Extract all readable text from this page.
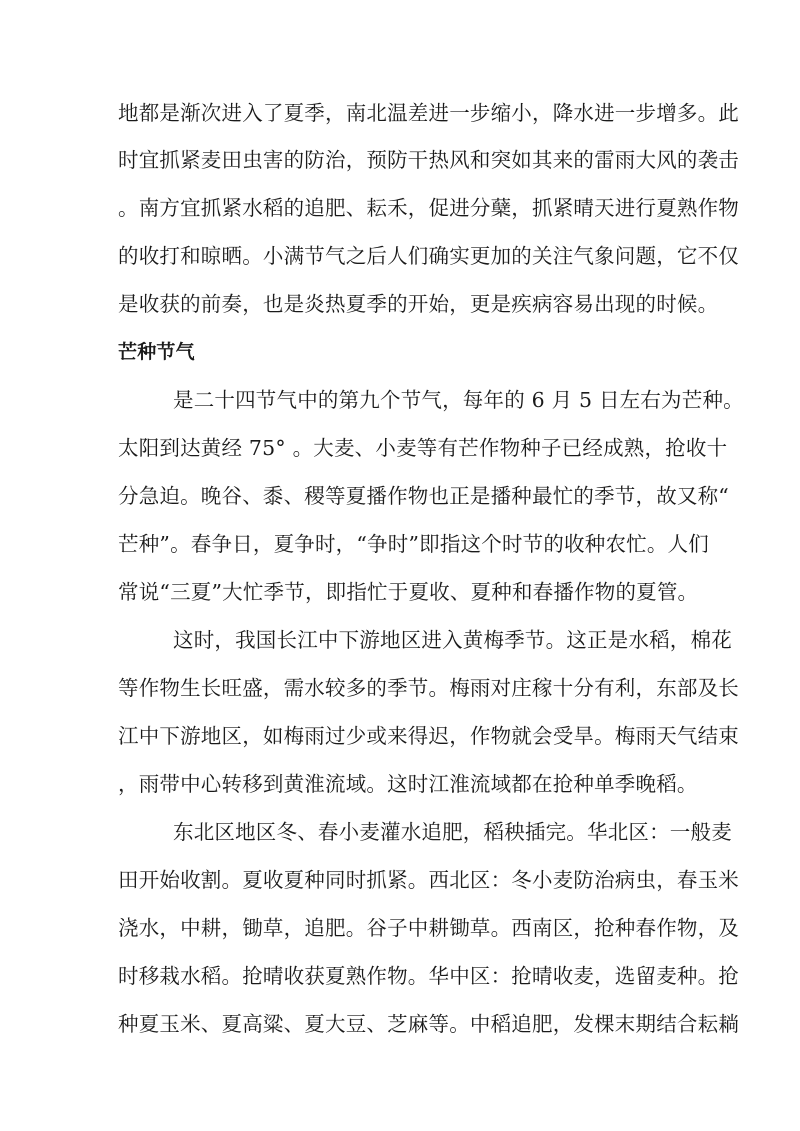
地都是渐次进入了夏季，南北温差进一步缩小，降水进一步增多。此
时宜抓紧麦田虫害的防治，预防干热风和突如其来的雷雨大风的袭击
。南方宜抓紧水稻的追肥、耘禾，促进分蘖，抓紧晴天进行夏熟作物
的收打和晾晒。小满节气之后人们确实更加的关注气象问题，它不仅
是收获的前奏，也是炎热夏季的开始，更是疾病容易出现的时候。
芒种节气
是二十四节气中的第九个节气，每年的 6 月 5 日左右为芒种。
太阳到达黄经 75° 。大麦、小麦等有芒作物种子已经成熟，抢收十
分急迫。晚谷、黍、稷等夏播作物也正是播种最忙的季节，故又称“
芒种”。春争日，夏争时，“争时”即指这个时节的收种农忙。人们
常说“三夏”大忙季节，即指忙于夏收、夏种和春播作物的夏管。
这时，我国长江中下游地区进入黄梅季节。这正是水稻，棉花
等作物生长旺盛，需水较多的季节。梅雨对庄稼十分有利，东部及长
江中下游地区，如梅雨过少或来得迟，作物就会受旱。梅雨天气结束
，雨带中心转移到黄淮流域。这时江淮流域都在抢种单季晚稻。
东北区地区冬、春小麦灌水追肥，稻秧插完。华北区：一般麦
田开始收割。夏收夏种同时抓紧。西北区：冬小麦防治病虫，春玉米
浇水，中耕，锄草，追肥。谷子中耕锄草。西南区，抢种春作物，及
时移栽水稻。抢晴收获夏熟作物。华中区：抢晴收麦，选留麦种。抢
种夏玉米、夏高粱、夏大豆、芝麻等。中稻追肥，发棵末期结合耘耥
